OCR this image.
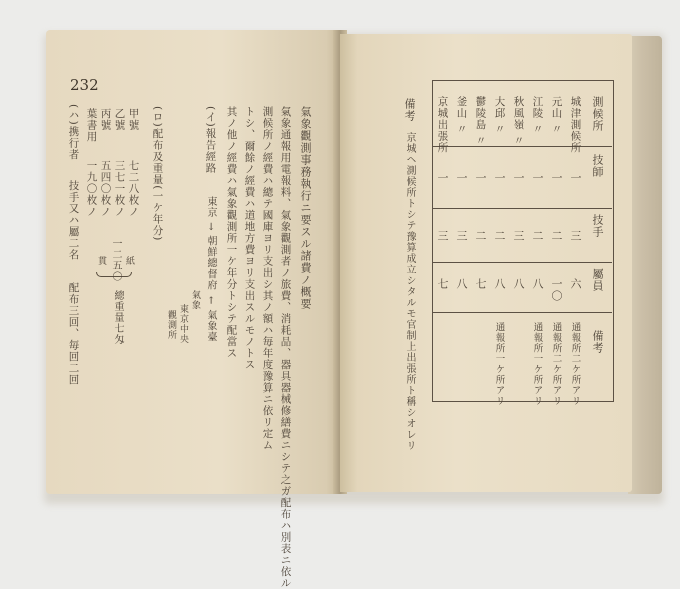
232
氣象觀測事務執行ニ要スル諸費ノ概要
氣象通報用電報料、氣象觀測者ノ旅費、消耗品、器具器械修繕費ニシテ之ガ配布ハ別表ニ依ル
測候所ノ經費ハ總テ國庫ヨリ支出シ其ノ額ハ毎年度豫算ニ依リ定ム
トシ、爾餘ノ經費ハ道地方費ヨリ支出スルモノトス
其ノ他ノ經費ハ氣象觀測所一ケ年分トシテ配當ス
(イ)報告經路
東京 → 朝鮮總督府
← 氣象臺
氣象
東京中央
觀測所
(ロ)配布及重量(一ケ年分)
甲號
七二八枚ノ
乙號
三七一枚ノ
丙號
五四〇枚ノ
葉書用
一九〇枚ノ
一二五〇 紙
總重量七匁
貫
(ハ)携行者
技手又ハ屬二名
配布三回、毎回二回
測候所
技師
技手
屬員
備考
城津測候所
一
三
六
通報所二ケ所アリ
元山 〃
一
二
一〇
通報所二ケ所アリ
江陵 〃
一
二
八
通報所一ケ所アリ
秋風嶺 〃
一
三
八
大邱 〃
一
二
八
通報所一ケ所アリ
鬱陵島 〃
一
二
七
釜山 〃
一
三
八
京城出張所
一
三
七
備考
京城ヘ測候所トシテ豫算成立シタルモ官制上出張所ト稱シオレリ
